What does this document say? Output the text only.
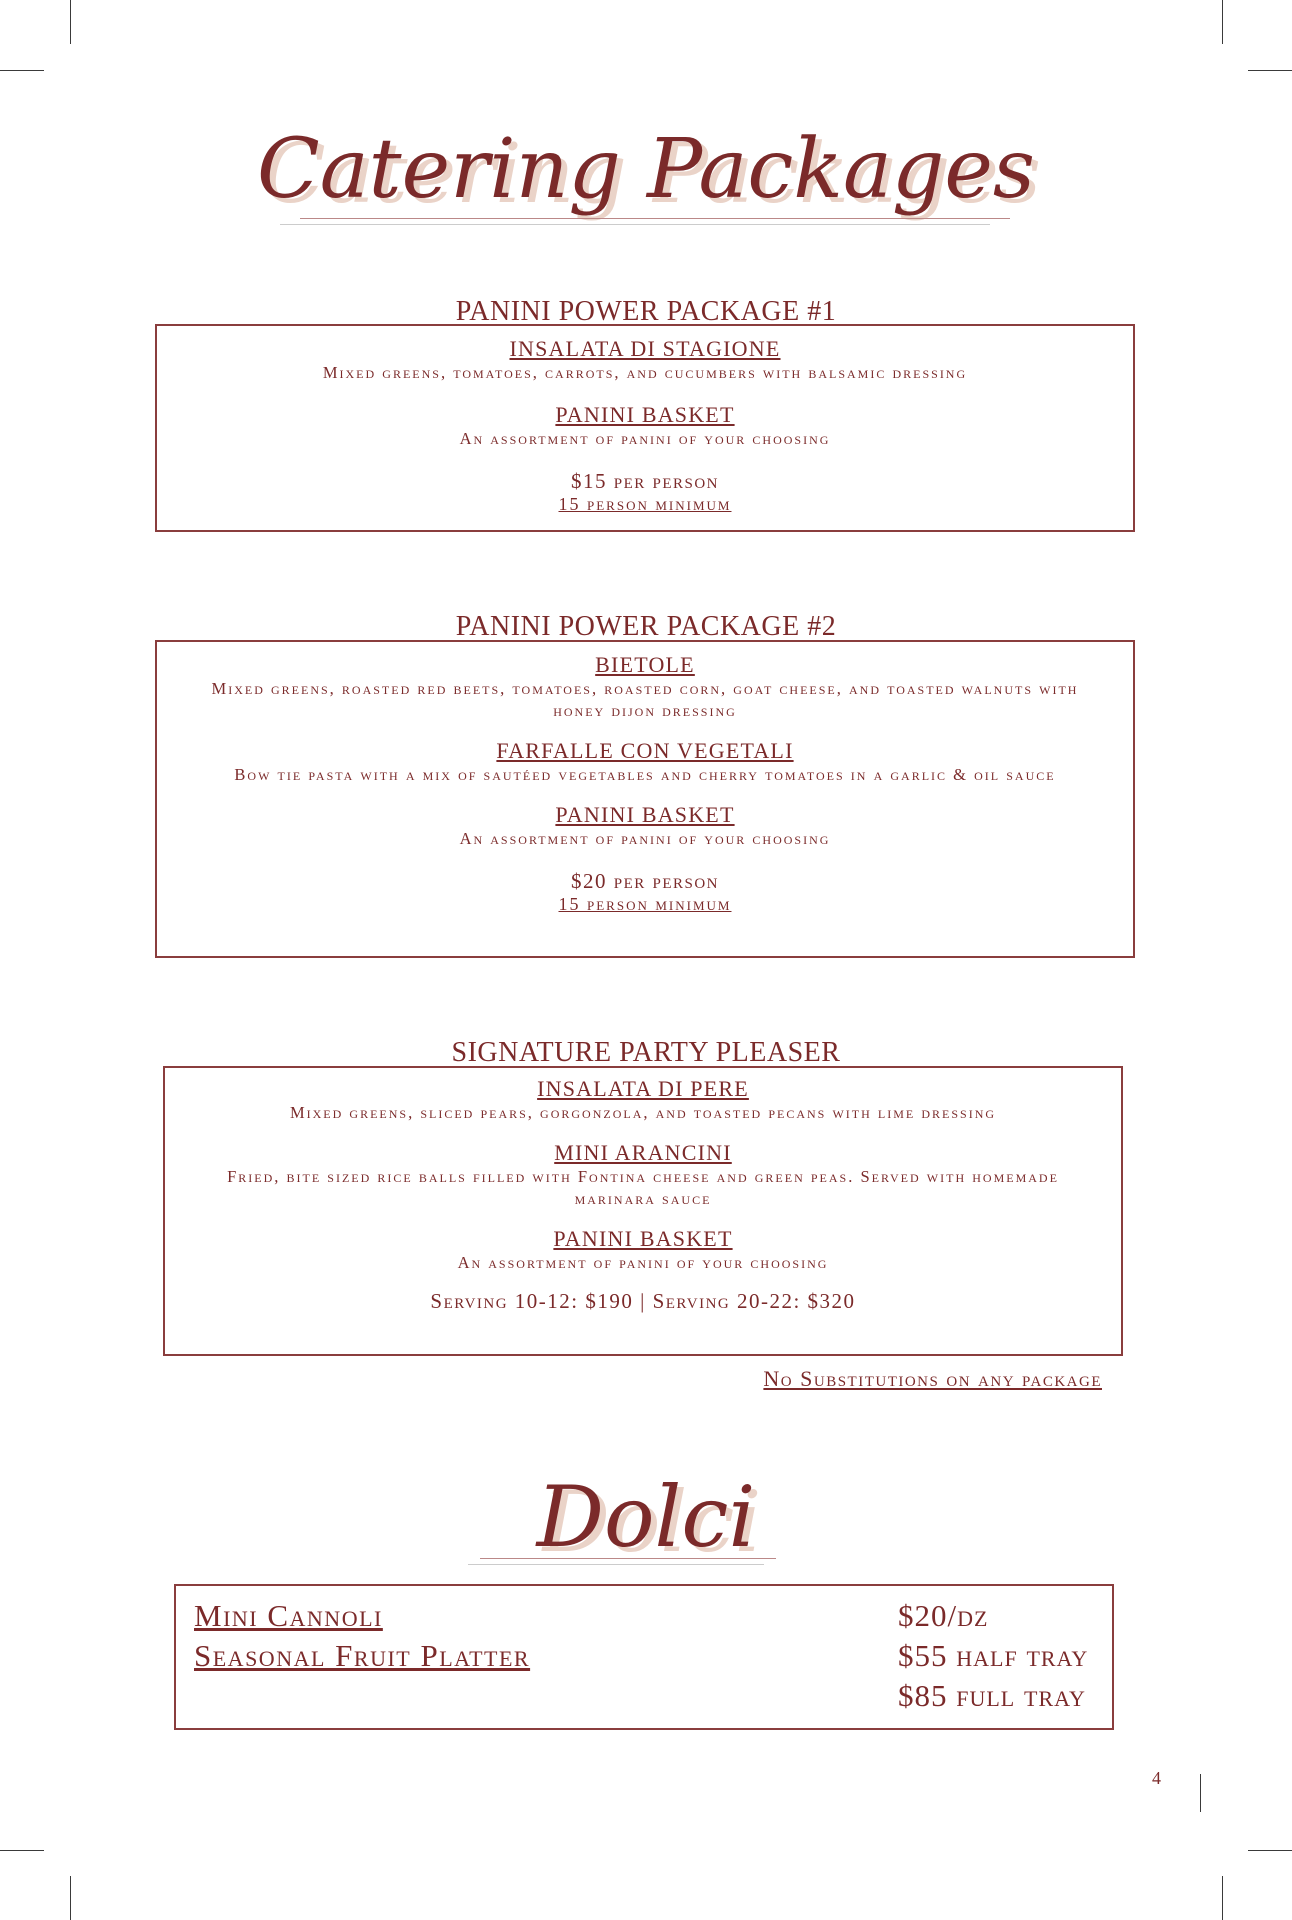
Catering Packages
PANINI POWER PACKAGE #1
INSALATA DI STAGIONE
Mixed greens, tomatoes, carrots, and cucumbers with balsamic dressing
PANINI BASKET
An assortment of panini of your choosing
$15 per person
15 person minimum
PANINI POWER PACKAGE #2
BIETOLE
Mixed greens, roasted red beets, tomatoes, roasted corn, goat cheese, and toasted walnuts with honey dijon dressing
FARFALLE CON VEGETALI
Bow tie pasta with a mix of sautéed vegetables and cherry tomatoes in a garlic & oil sauce
PANINI BASKET
An assortment of panini of your choosing
$20 per person
15 person minimum
SIGNATURE PARTY PLEASER
INSALATA DI PERE
Mixed greens, sliced pears, gorgonzola, and toasted pecans with lime dressing
MINI ARANCINI
Fried, bite sized rice balls filled with Fontina cheese and green peas. Served with homemade marinara sauce
PANINI BASKET
An assortment of panini of your choosing
Serving 10-12: $190 | Serving 20-22: $320
No Substitutions on any package
Dolci
Mini Cannoli	$20/dz
Seasonal Fruit Platter	$55 half tray
$85 full tray
4
